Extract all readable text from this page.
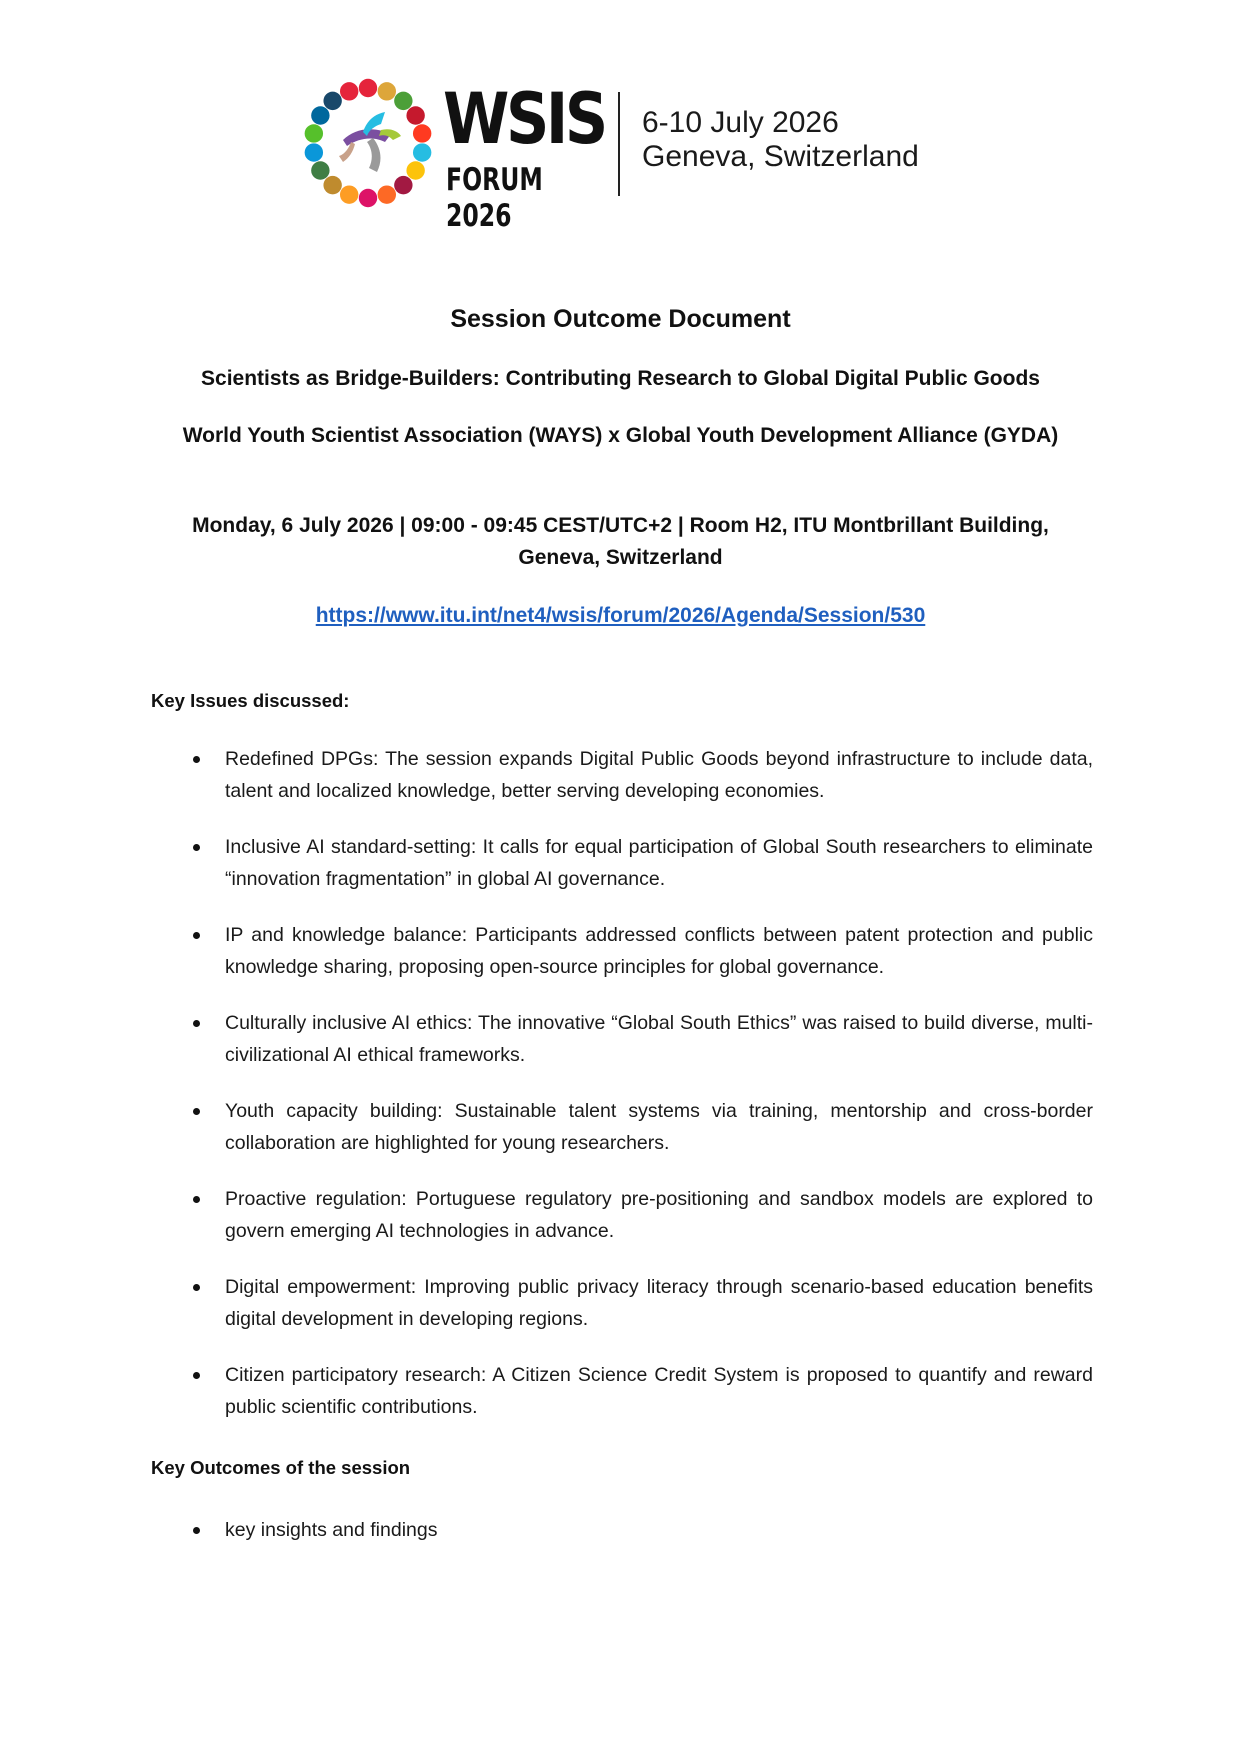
WSIS
FORUM 2026
6-10 July 2026
Geneva, Switzerland
Session Outcome Document
Scientists as Bridge-Builders: Contributing Research to Global Digital Public Goods
World Youth Scientist Association (WAYS) x Global Youth Development Alliance (GYDA)
Monday, 6 July 2026 | 09:00 - 09:45 CEST/UTC+2 | Room H2, ITU Montbrillant Building, Geneva, Switzerland
https://www.itu.int/net4/wsis/forum/2026/Agenda/Session/530
Key Issues discussed:
Redefined DPGs: The session expands Digital Public Goods beyond infrastructure to include data, talent and localized knowledge, better serving developing economies.
Inclusive AI standard-setting: It calls for equal participation of Global South researchers to eliminate “innovation fragmentation” in global AI governance.
IP and knowledge balance: Participants addressed conflicts between patent protection and public knowledge sharing, proposing open-source principles for global governance.
Culturally inclusive AI ethics: The innovative “Global South Ethics” was raised to build diverse, multi-civilizational AI ethical frameworks.
Youth capacity building: Sustainable talent systems via training, mentorship and cross-border collaboration are highlighted for young researchers.
Proactive regulation: Portuguese regulatory pre-positioning and sandbox models are explored to govern emerging AI technologies in advance.
Digital empowerment: Improving public privacy literacy through scenario-based education benefits digital development in developing regions.
Citizen participatory research: A Citizen Science Credit System is proposed to quantify and reward public scientific contributions.
Key Outcomes of the session
key insights and findings
